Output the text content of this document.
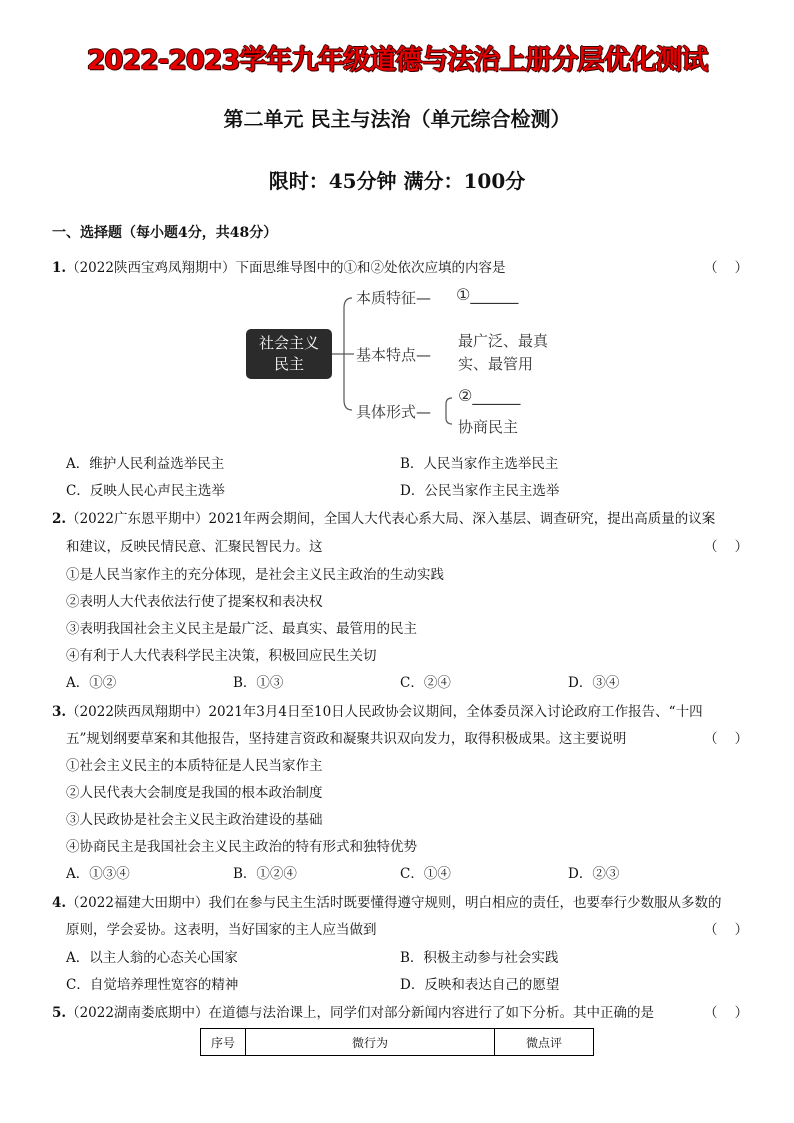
2022-2023学年九年级道德与法治上册分层优化测试
第二单元 民主与法治（单元综合检测）
限时：45分钟 满分：100分
一、选择题（每小题4分，共48分）
1.（2022陕西宝鸡凤翔期中）下面思维导图中的①和②处依次应填的内容是	（    ）
社会主义
民主
本质特征— ①______
基本特点—
最广泛、最真
实、最管用
具体形式—
②______
协商民主
A．维护人民利益选举民主	B．人民当家作主选举民主
C．反映人民心声民主选举	D．公民当家作主民主选举
2.（2022广东恩平期中）2021年两会期间，全国人大代表心系大局、深入基层、调查研究，提出高质量的议案
和建议，反映民情民意、汇聚民智民力。这	（    ）
①是人民当家作主的充分体现，是社会主义民主政治的生动实践
②表明人大代表依法行使了提案权和表决权
③表明我国社会主义民主是最广泛、最真实、最管用的民主
④有利于人大代表科学民主决策，积极回应民生关切
A．①②	B．①③	C．②④	D．③④
3.（2022陕西凤翔期中）2021年3月4日至10日人民政协会议期间，全体委员深入讨论政府工作报告、“十四
五”规划纲要草案和其他报告，坚持建言资政和凝聚共识双向发力，取得积极成果。这主要说明	（    ）
①社会主义民主的本质特征是人民当家作主
②人民代表大会制度是我国的根本政治制度
③人民政协是社会主义民主政治建设的基础
④协商民主是我国社会主义民主政治的特有形式和独特优势
A．①③④	B．①②④	C．①④	D．②③
4.（2022福建大田期中）我们在参与民主生活时既要懂得遵守规则，明白相应的责任，也要奉行少数服从多数的
原则，学会妥协。这表明，当好国家的主人应当做到	（    ）
A．以主人翁的心态关心国家	B．积极主动参与社会实践
C．自觉培养理性宽容的精神	D．反映和表达自己的愿望
5.（2022湖南娄底期中）在道德与法治课上，同学们对部分新闻内容进行了如下分析。其中正确的是	（    ）
序号	微行为	微点评
